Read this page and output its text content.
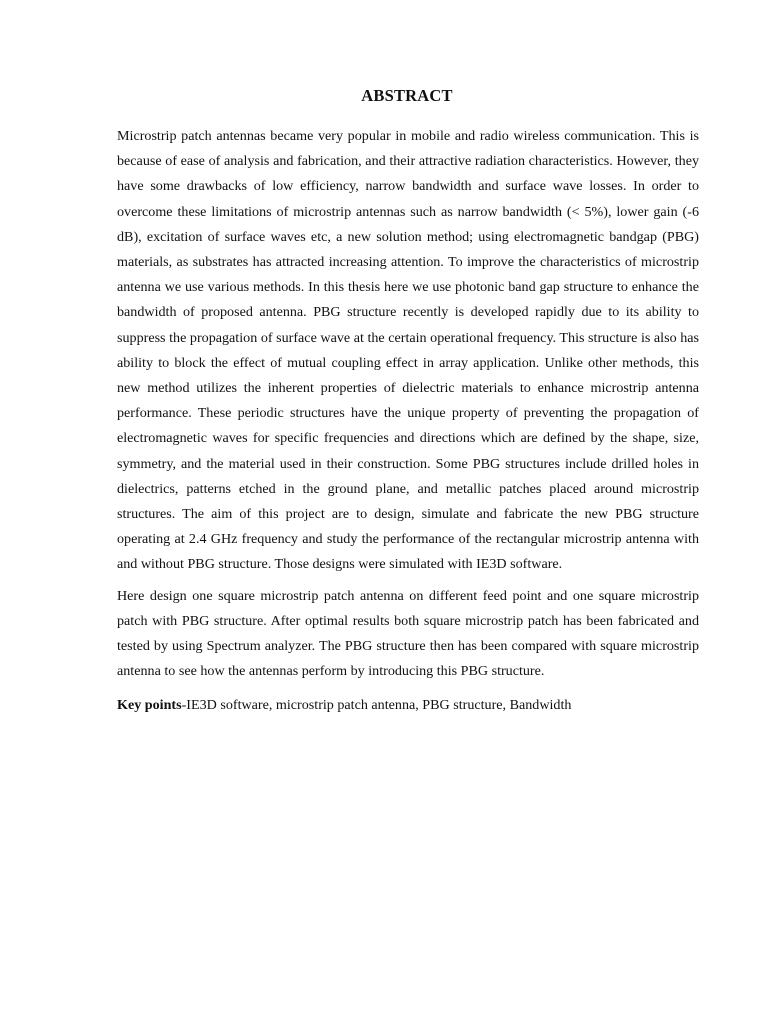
ABSTRACT

Microstrip patch antennas became very popular in mobile and radio wireless communication. This is because of ease of analysis and fabrication, and their attractive radiation characteristics. However, they have some drawbacks of low efficiency, narrow bandwidth and surface wave losses. In order to overcome these limitations of microstrip antennas such as narrow bandwidth (< 5%), lower gain (-6 dB), excitation of surface waves etc, a new solution method; using electromagnetic bandgap (PBG) materials, as substrates has attracted increasing attention. To improve the characteristics of microstrip antenna we use various methods. In this thesis here we use photonic band gap structure to enhance the bandwidth of proposed antenna. PBG structure recently is developed rapidly due to its ability to suppress the propagation of surface wave at the certain operational frequency. This structure is also has ability to block the effect of mutual coupling effect in array application. Unlike other methods, this new method utilizes the inherent properties of dielectric materials to enhance microstrip antenna performance. These periodic structures have the unique property of preventing the propagation of electromagnetic waves for specific frequencies and directions which are defined by the shape, size, symmetry, and the material used in their construction. Some PBG structures include drilled holes in dielectrics, patterns etched in the ground plane, and metallic patches placed around microstrip structures. The aim of this project are to design, simulate and fabricate the new PBG structure operating at 2.4 GHz frequency and study the performance of the rectangular microstrip antenna with and without PBG structure. Those designs were simulated with IE3D software.

Here design one square microstrip patch antenna on different feed point and one square microstrip patch with PBG structure. After optimal results both square microstrip patch has been fabricated and tested by using Spectrum analyzer. The PBG structure then has been compared with square microstrip antenna to see how the antennas perform by introducing this PBG structure.

Key points-IE3D software, microstrip patch antenna, PBG structure, Bandwidth
